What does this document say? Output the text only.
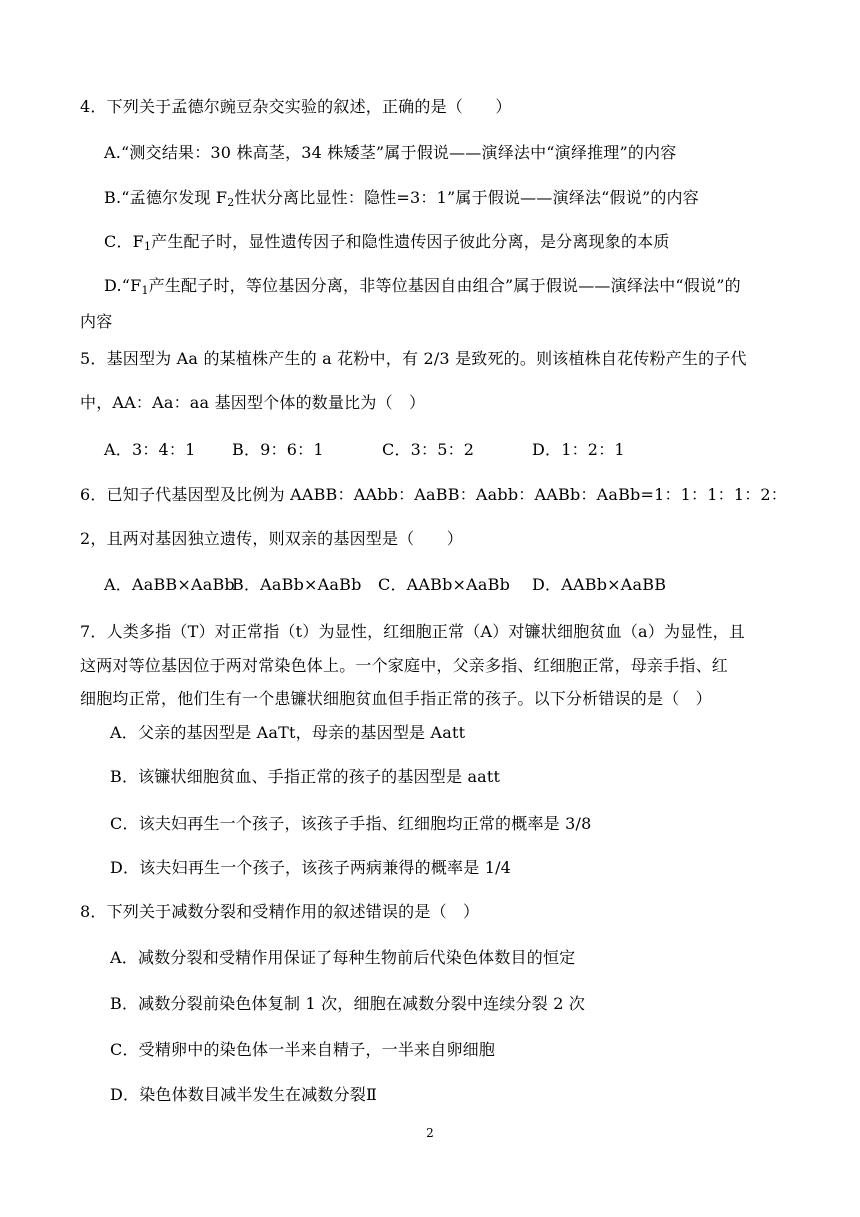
4．下列关于孟德尔豌豆杂交实验的叙述，正确的是（　　）
A.“测交结果：30 株高茎，34 株矮茎”属于假说——演绎法中“演绎推理”的内容
B.“孟德尔发现 $F_2$性状分离比显性：隐性=3：1”属于假说——演绎法“假说”的内容
C．$F_1$产生配子时，显性遗传因子和隐性遗传因子彼此分离，是分离现象的本质
$D.“F_1$产生配子时，等位基因分离，非等位基因自由组合”属于假说——演绎法中“假说”的
内容
5．基因型为 Aa 的某植株产生的 a 花粉中，有 2/3 是致死的。则该植株自花传粉产生的子代
中，AA：Aa：aa 基因型个体的数量比为（　）
A．3：4：1 B．9：6：1	C．3：5：2	D．1：2：1
6．已知子代基因型及比例为 AABB：AAbb：AaBB：Aabb：AABb：AaBb=1：1：1：1：2：
2，且两对基因独立遗传，则双亲的基因型是（　　）
A．AaBB×AaBbB．AaBb×AaBb C．AABb×AaBb D．AABb×AaBB
7．人类多指（T）对正常指（t）为显性，红细胞正常（A）对镰状细胞贫血（a）为显性，且
这两对等位基因位于两对常染色体上。一个家庭中，父亲多指、红细胞正常，母亲手指、红
细胞均正常，他们生有一个患镰状细胞贫血但手指正常的孩子。以下分析错误的是（　）
A．父亲的基因型是 AaTt，母亲的基因型是 Aatt
B．该镰状细胞贫血、手指正常的孩子的基因型是 aatt
C．该夫妇再生一个孩子，该孩子手指、红细胞均正常的概率是 3/8
D．该夫妇再生一个孩子，该孩子两病兼得的概率是 1/4
8．下列关于减数分裂和受精作用的叙述错误的是（　）
A．减数分裂和受精作用保证了每种生物前后代染色体数目的恒定
B．减数分裂前染色体复制 1 次，细胞在减数分裂中连续分裂 2 次
C．受精卵中的染色体一半来自精子，一半来自卵细胞
D．染色体数目减半发生在减数分裂Ⅱ
2
